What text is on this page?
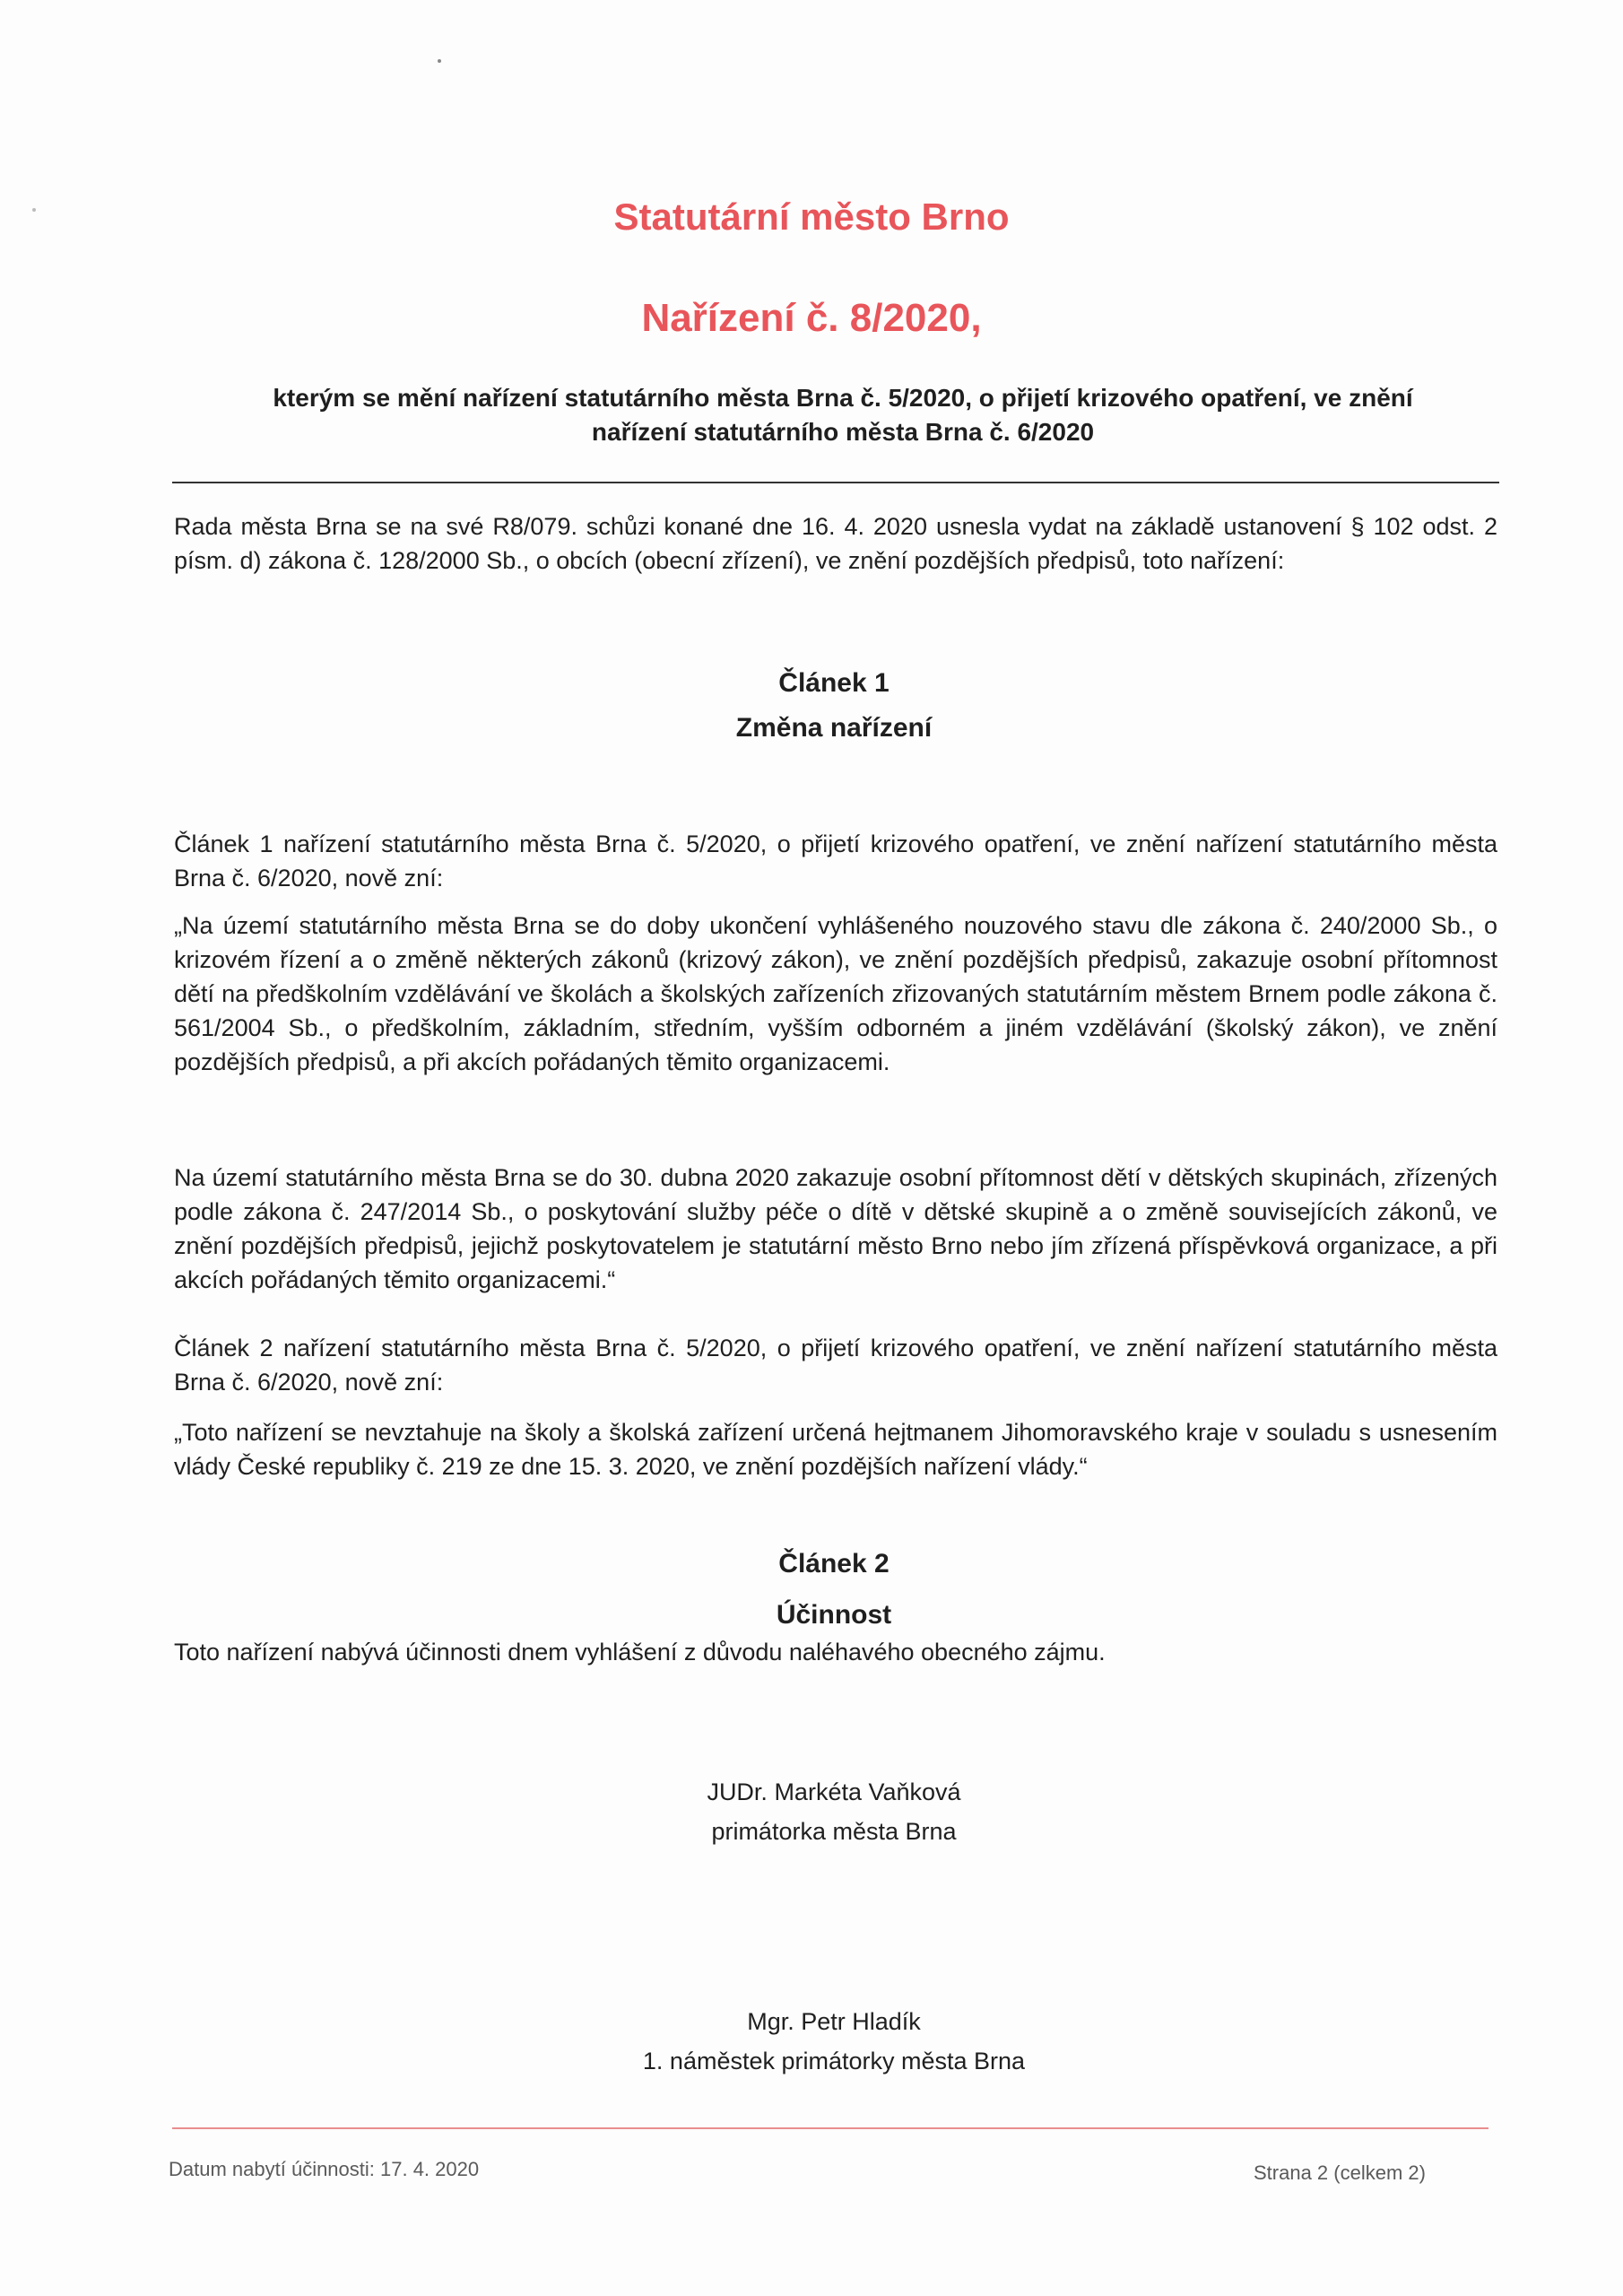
Statutární město Brno
Nařízení č. 8/2020,
kterým se mění nařízení statutárního města Brna č. 5/2020, o přijetí krizového opatření, ve znění
nařízení statutárního města Brna č. 6/2020

Rada města Brna se na své R8/079. schůzi konané dne 16. 4. 2020 usnesla vydat na základě ustanovení § 102 odst. 2 písm. d) zákona č. 128/2000 Sb., o obcích (obecní zřízení), ve znění pozdějších předpisů, toto nařízení:

Článek 1
Změna nařízení

Článek 1 nařízení statutárního města Brna č. 5/2020, o přijetí krizového opatření, ve znění nařízení statutárního města Brna č. 6/2020, nově zní:

„Na území statutárního města Brna se do doby ukončení vyhlášeného nouzového stavu dle zákona č. 240/2000 Sb., o krizovém řízení a o změně některých zákonů (krizový zákon), ve znění pozdějších předpisů, zakazuje osobní přítomnost dětí na předškolním vzdělávání ve školách a školských zařízeních zřizovaných statutárním městem Brnem podle zákona č. 561/2004 Sb., o předškolním, základním, středním, vyšším odborném a jiném vzdělávání (školský zákon), ve znění pozdějších předpisů, a při akcích pořádaných těmito organizacemi.

Na území statutárního města Brna se do 30. dubna 2020 zakazuje osobní přítomnost dětí v dětských skupinách, zřízených podle zákona č. 247/2014 Sb., o poskytování služby péče o dítě v dětské skupině a o změně souvisejících zákonů, ve znění pozdějších předpisů, jejichž poskytovatelem je statutární město Brno nebo jím zřízená příspěvková organizace, a při akcích pořádaných těmito organizacemi.“

Článek 2 nařízení statutárního města Brna č. 5/2020, o přijetí krizového opatření, ve znění nařízení statutárního města Brna č. 6/2020, nově zní:

„Toto nařízení se nevztahuje na školy a školská zařízení určená hejtmanem Jihomoravského kraje v souladu s usnesením vlády České republiky č. 219 ze dne 15. 3. 2020, ve znění pozdějších nařízení vlády.“

Článek 2
Účinnost

Toto nařízení nabývá účinnosti dnem vyhlášení z důvodu naléhavého obecného zájmu.

JUDr. Markéta Vaňková
primátorka města Brna
Mgr. Petr Hladík
1. náměstek primátorky města Brna
Datum nabytí účinnosti: 17. 4. 2020	Strana 2 (celkem 2)
